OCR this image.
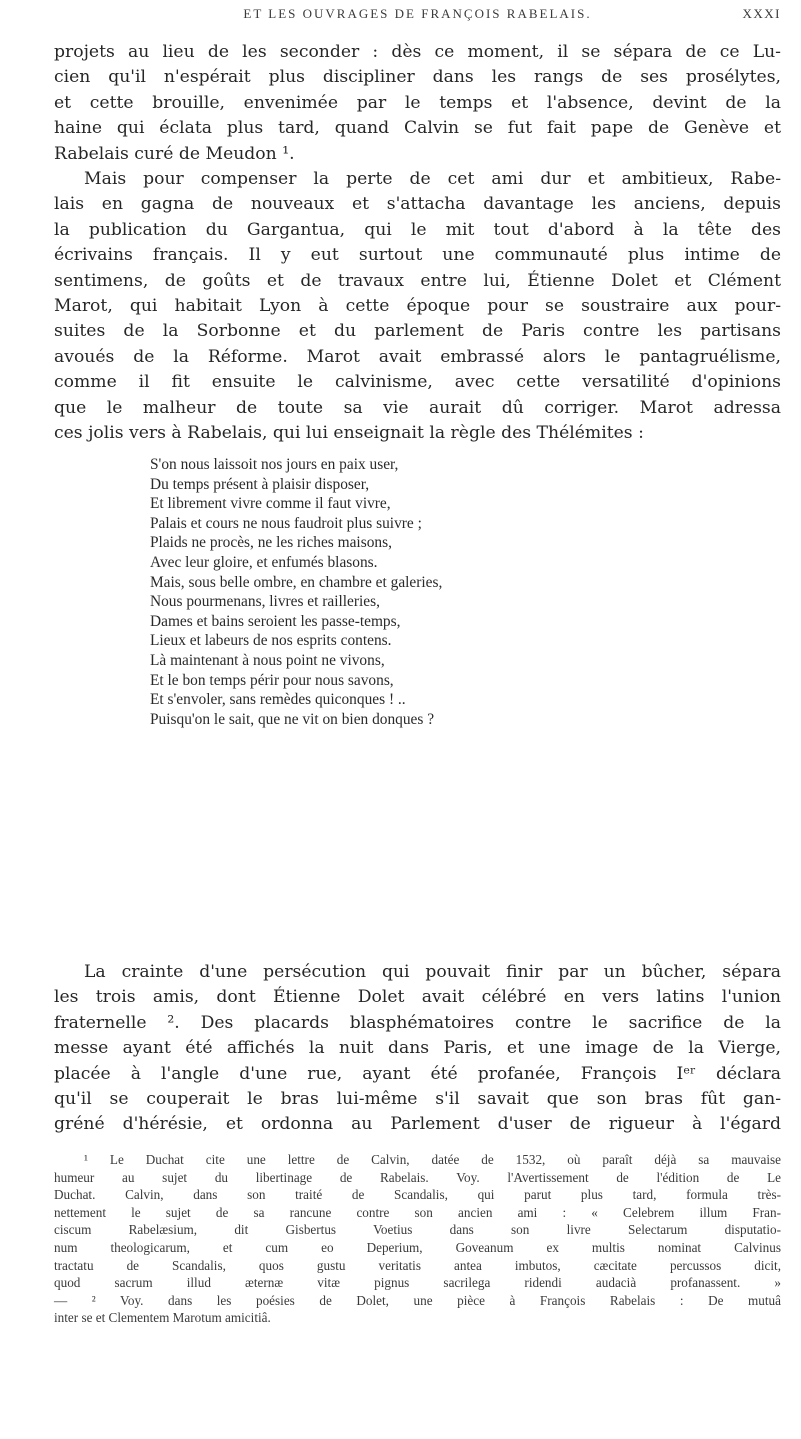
ET LES OUVRAGES DE FRANÇOIS RABELAIS.	XXXI
projets au lieu de les seconder : dès ce moment, il se sépara de ce Lu-
cien qu'il n'espérait plus discipliner dans les rangs de ses prosélytes,
et cette brouille, envenimée par le temps et l'absence, devint de la
haine qui éclata plus tard, quand Calvin se fut fait pape de Genève et
Rabelais curé de Meudon ¹.
Mais pour compenser la perte de cet ami dur et ambitieux, Rabe-
lais en gagna de nouveaux et s'attacha davantage les anciens, depuis
la publication du Gargantua, qui le mit tout d'abord à la tête des
écrivains français. Il y eut surtout une communauté plus intime de
sentimens, de goûts et de travaux entre lui, Étienne Dolet et Clément
Marot, qui habitait Lyon à cette époque pour se soustraire aux pour-
suites de la Sorbonne et du parlement de Paris contre les partisans
avoués de la Réforme. Marot avait embrassé alors le pantagruélisme,
comme il fit ensuite le calvinisme, avec cette versatilité d'opinions
que le malheur de toute sa vie aurait dû corriger. Marot adressa
ces jolis vers à Rabelais, qui lui enseignait la règle des Thélémites :
S'on nous laissoit nos jours en paix user,
Du temps présent à plaisir disposer,
Et librement vivre comme il faut vivre,
Palais et cours ne nous faudroit plus suivre ;
Plaids ne procès, ne les riches maisons,
Avec leur gloire, et enfumés blasons.
Mais, sous belle ombre, en chambre et galeries,
Nous pourmenans, livres et railleries,
Dames et bains seroient les passe-temps,
Lieux et labeurs de nos esprits contens.
Là maintenant à nous point ne vivons,
Et le bon temps périr pour nous savons,
Et s'envoler, sans remèdes quiconques ! ..
Puisqu'on le sait, que ne vit on bien donques ?
La crainte d'une persécution qui pouvait finir par un bûcher, sépara
les trois amis, dont Étienne Dolet avait célébré en vers latins l'union
fraternelle ². Des placards blasphématoires contre le sacrifice de la
messe ayant été affichés la nuit dans Paris, et une image de la Vierge,
placée à l'angle d'une rue, ayant été profanée, François Iᵉʳ déclara
qu'il se couperait le bras lui-même s'il savait que son bras fût gan-
gréné d'hérésie, et ordonna au Parlement d'user de rigueur à l'égard
¹ Le Duchat cite une lettre de Calvin, datée de 1532, où paraît déjà sa mauvaise
humeur au sujet du libertinage de Rabelais. Voy. l'Avertissement de l'édition de Le
Duchat. Calvin, dans son traité de Scandalis, qui parut plus tard, formula très-
nettement le sujet de sa rancune contre son ancien ami : « Celebrem illum Fran-
ciscum Rabelæsium, dit Gisbertus Voetius dans son livre Selectarum disputatio-
num theologicarum, et cum eo Deperium, Goveanum ex multis nominat Calvinus
tractatu de Scandalis, quos gustu veritatis antea imbutos, cæcitate percussos dicit,
quod sacrum illud æternæ vitæ pignus sacrilega ridendi audacià profanassent. »
— ² Voy. dans les poésies de Dolet, une pièce à François Rabelais : De mutuâ
inter se et Clementem Marotum amicitiâ.
